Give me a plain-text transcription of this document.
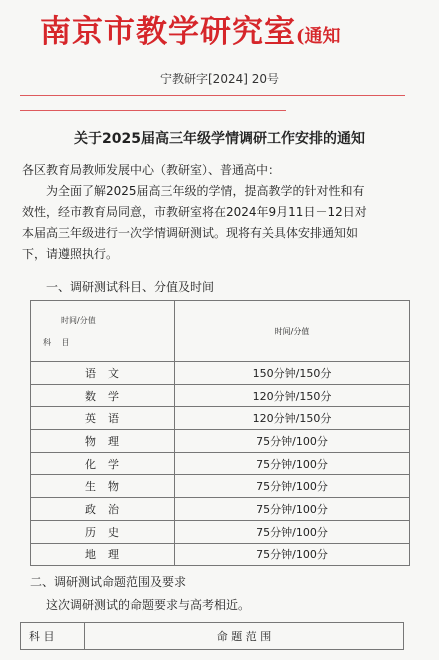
南京市教学研究室(通知
宁教研字[2024] 20号
关于2025届高三年级学情调研工作安排的通知
各区教育局教师发展中心（教研室）、普通高中：
为全面了解2025届高三年级的学情，提高教学的针对性和有
效性，经市教育局同意，市教研室将在2024年9月11日－12日对
本届高三年级进行一次学情调研测试。现将有关具体安排通知如
下，请遵照执行。
一、调研测试科目、分值及时间
时间/分值
科 目	时间/分值
语文	150分钟/150分
数学	120分钟/150分
英语	120分钟/150分
物理	75分钟/100分
化学	75分钟/100分
生物	75分钟/100分
政治	75分钟/100分
历史	75分钟/100分
地理	75分钟/100分
二、调研测试命题范围及要求
这次调研测试的命题要求与高考相近。
科 目	命 题 范 围
